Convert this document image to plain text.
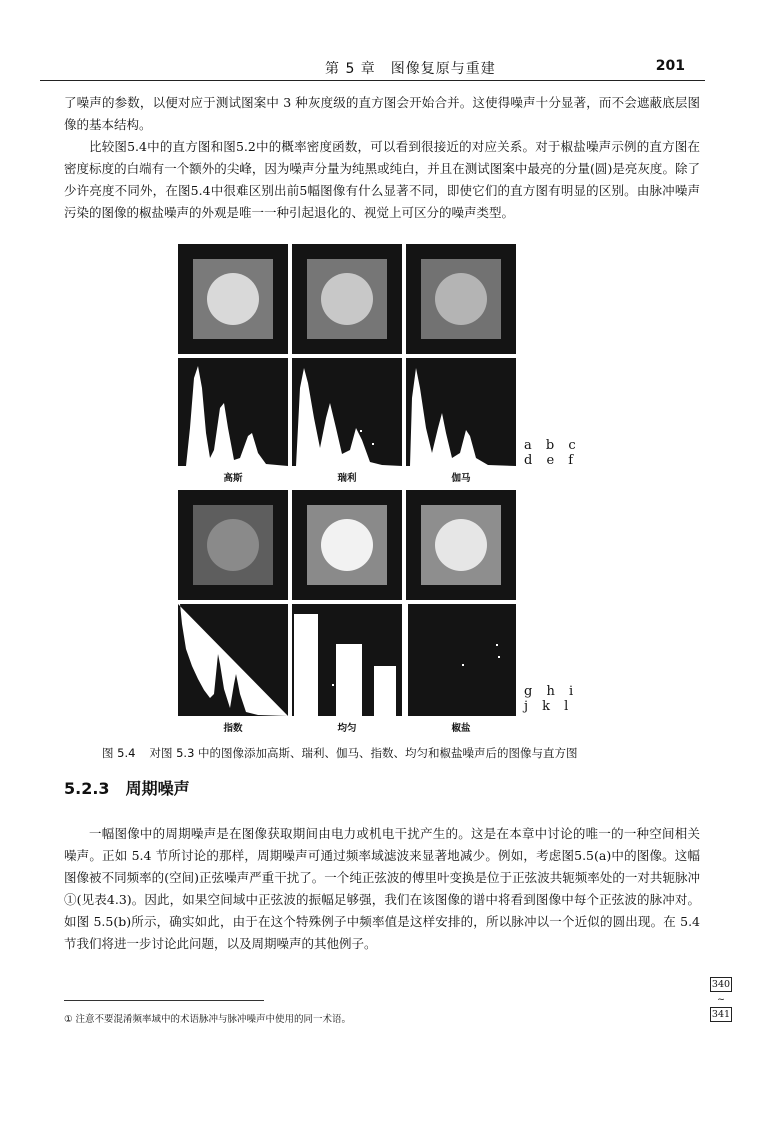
第 5 章　图像复原与重建	201

了噪声的参数，以便对应于测试图案中 3 种灰度级的直方图会开始合并。这使得噪声十分显著，而不会遮蔽底层图像的基本结构。

比较图5.4中的直方图和图5.2中的概率密度函数，可以看到很接近的对应关系。对于椒盐噪声示例的直方图在密度标度的白端有一个额外的尖峰，因为噪声分量为纯黑或纯白，并且在测试图案中最亮的分量(圆)是亮灰度。除了少许亮度不同外，在图5.4中很难区别出前5幅图像有什么显著不同，即使它们的直方图有明显的区别。由脉冲噪声污染的图像的椒盐噪声的外观是唯一一种引起退化的、视觉上可区分的噪声类型。

a b c
d e f
高斯	瑞利	伽马
g h i
j k l
指数	均匀	椒盐
图 5.4 对图 5.3 中的图像添加高斯、瑞利、伽马、指数、均匀和椒盐噪声后的图像与直方图
5.2.3 周期噪声

一幅图像中的周期噪声是在图像获取期间由电力或机电干扰产生的。这是在本章中讨论的唯一的一种空间相关噪声。正如 5.4 节所讨论的那样，周期噪声可通过频率域滤波来显著地减少。例如，考虑图5.5(a)中的图像。这幅图像被不同频率的(空间)正弦噪声严重干扰了。一个纯正弦波的傅里叶变换是位于正弦波共轭频率处的一对共轭脉冲①(见表4.3)。因此，如果空间域中正弦波的振幅足够强，我们在该图像的谱中将看到图像中每个正弦波的脉冲对。如图 5.5(b)所示，确实如此，由于在这个特殊例子中频率值是这样安排的，所以脉冲以一个近似的圆出现。在 5.4 节我们将进一步讨论此问题，以及周期噪声的其他例子。

340
~
341
① 注意不要混淆频率域中的术语脉冲与脉冲噪声中使用的同一术语。
